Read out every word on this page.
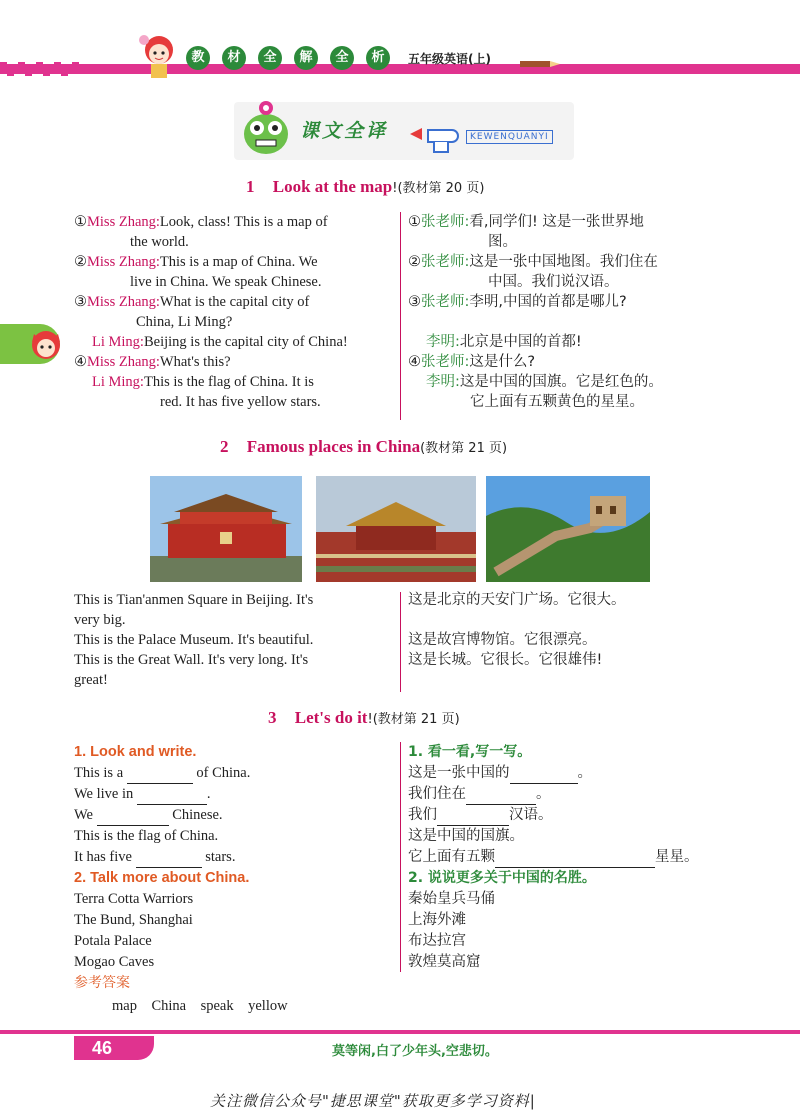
教	材	全	解	全	析	五年级英语(上)
课文全译	KEWENQUANYI
1 Look at the map!(教材第 20 页)
①Miss Zhang:Look, class! This is a map of
the world.
②Miss Zhang:This is a map of China. We
live in China. We speak Chinese.
③Miss Zhang:What is the capital city of
China, Li Ming?
Li Ming:Beijing is the capital city of China!
④Miss Zhang:What's this?
Li Ming:This is the flag of China. It is
red. It has five yellow stars.
①张老师:看,同学们! 这是一张世界地
图。
②张老师:这是一张中国地图。我们住在
中国。我们说汉语。
③张老师:李明,中国的首都是哪儿?
李明:北京是中国的首都!
④张老师:这是什么?
李明:这是中国的国旗。它是红色的。
它上面有五颗黄色的星星。
2 Famous places in China(教材第 21 页)
This is Tian'anmen Square in Beijing. It's
very big.
This is the Palace Museum. It's beautiful.
This is the Great Wall. It's very long. It's
great!
这是北京的天安门广场。它很大。
这是故宫博物馆。它很漂亮。
这是长城。它很长。它很雄伟!
3 Let's do it!(教材第 21 页)
1. Look and write.
This is a	of China.
We live in	.
We	Chinese.
This is the flag of China.
It has five	stars.
2. Talk more about China.
Terra Cotta Warriors
The Bund, Shanghai
Potala Palace
Mogao Caves
参考答案
map    China    speak    yellow
1. 看一看,写一写。
这是一张中国的	。
我们住在	。
我们	汉语。
这是中国的国旗。
它上面有五颗	星星。
2. 说说更多关于中国的名胜。
秦始皇兵马俑
上海外滩
布达拉宫
敦煌莫高窟
46	莫等闲,白了少年头,空悲切。
关注微信公众号"捷思课堂"获取更多学习资料|
